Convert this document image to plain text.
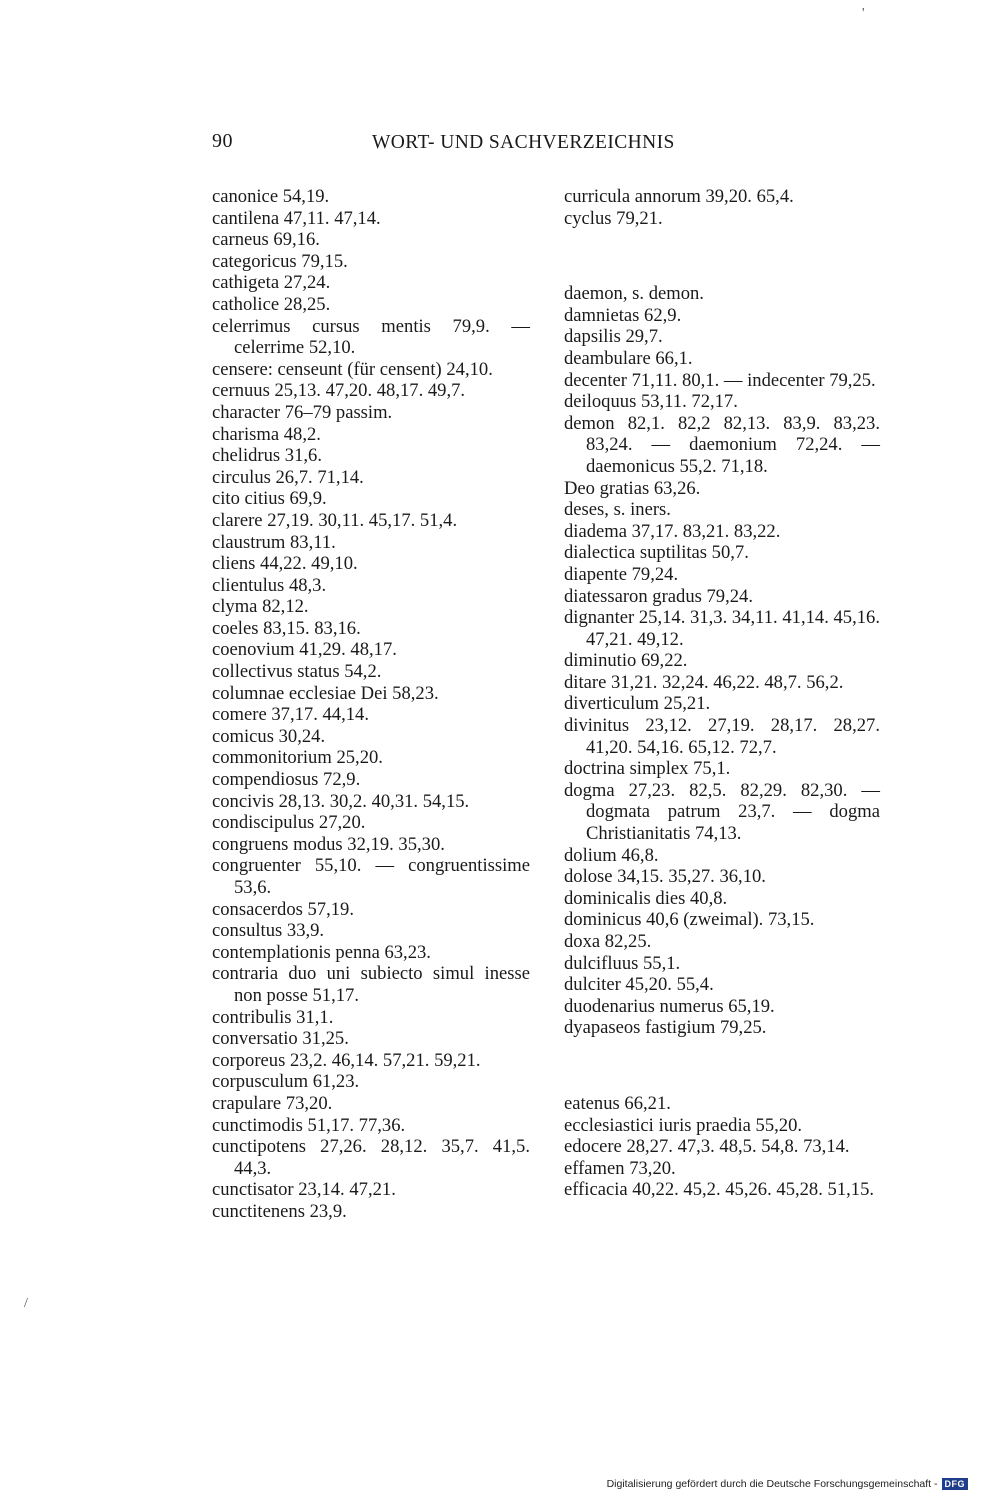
90	WORT- UND SACHVERZEICHNIS
canonice 54,19.
cantilena 47,11. 47,14.
carneus 69,16.
categoricus 79,15.
cathigeta 27,24.
catholice 28,25.
celerrimus cursus mentis 79,9. — celerrime 52,10.
censere: censeunt (für censent) 24,10.
cernuus 25,13. 47,20. 48,17. 49,7.
character 76–79 passim.
charisma 48,2.
chelidrus 31,6.
circulus 26,7. 71,14.
cito citius 69,9.
clarere 27,19. 30,11. 45,17. 51,4.
claustrum 83,11.
cliens 44,22. 49,10.
clientulus 48,3.
clyma 82,12.
coeles 83,15. 83,16.
coenovium 41,29. 48,17.
collectivus status 54,2.
columnae ecclesiae Dei 58,23.
comere 37,17. 44,14.
comicus 30,24.
commonitorium 25,20.
compendiosus 72,9.
concivis 28,13. 30,2. 40,31. 54,15.
condiscipulus 27,20.
congruens modus 32,19. 35,30.
congruenter 55,10. — congruentissime 53,6.
consacerdos 57,19.
consultus 33,9.
contemplationis penna 63,23.
contraria duo uni subiecto simul inesse non posse 51,17.
contribulis 31,1.
conversatio 31,25.
corporeus 23,2. 46,14. 57,21. 59,21.
corpusculum 61,23.
crapulare 73,20.
cunctimodis 51,17. 77,36.
cunctipotens 27,26. 28,12. 35,7. 41,5. 44,3.
cunctisator 23,14. 47,21.
cunctitenens 23,9.
curricula annorum 39,20. 65,4.
cyclus 79,21.
daemon, s. demon.
damnietas 62,9.
dapsilis 29,7.
deambulare 66,1.
decenter 71,11. 80,1. — indecenter 79,25.
deiloquus 53,11. 72,17.
demon 82,1. 82,2 82,13. 83,9. 83,23. 83,24. — daemonium 72,24. — daemonicus 55,2. 71,18.
Deo gratias 63,26.
deses, s. iners.
diadema 37,17. 83,21. 83,22.
dialectica suptilitas 50,7.
diapente 79,24.
diatessaron gradus 79,24.
dignanter 25,14. 31,3. 34,11. 41,14. 45,16. 47,21. 49,12.
diminutio 69,22.
ditare 31,21. 32,24. 46,22. 48,7. 56,2.
diverticulum 25,21.
divinitus 23,12. 27,19. 28,17. 28,27. 41,20. 54,16. 65,12. 72,7.
doctrina simplex 75,1.
dogma 27,23. 82,5. 82,29. 82,30. —dogmata patrum 23,7. — dogma Christianitatis 74,13.
dolium 46,8.
dolose 34,15. 35,27. 36,10.
dominicalis dies 40,8.
dominicus 40,6 (zweimal). 73,15.
doxa 82,25.
dulcifluus 55,1.
dulciter 45,20. 55,4.
duodenarius numerus 65,19.
dyapaseos fastigium 79,25.
eatenus 66,21.
ecclesiastici iuris praedia 55,20.
edocere 28,27. 47,3. 48,5. 54,8. 73,14.
effamen 73,20.
efficacia 40,22. 45,2. 45,26. 45,28. 51,15.
'
/
Digitalisierung gefördert durch die Deutsche Forschungsgemeinschaft - DFG
